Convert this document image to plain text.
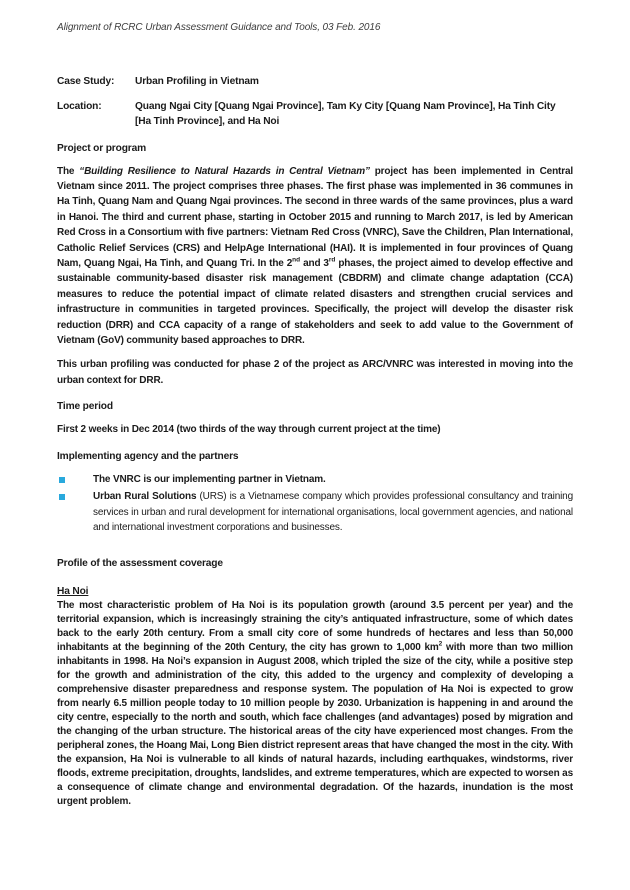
Alignment of RCRC Urban Assessment Guidance and Tools, 03 Feb. 2016
Case Study:	Urban Profiling in Vietnam
Location:	Quang Ngai City [Quang Ngai Province], Tam Ky City [Quang Nam Province], Ha Tinh City [Ha Tinh Province], and Ha Noi
Project or program

The “Building Resilience to Natural Hazards in Central Vietnam” project has been implemented in Central Vietnam since 2011. The project comprises three phases. The first phase was implemented in 36 communes in Ha Tinh, Quang Nam and Quang Ngai provinces. The second in three wards of the same provinces, plus a ward in Hanoi. The third and current phase, starting in October 2015 and running to March 2017, is led by American Red Cross in a Consortium with five partners: Vietnam Red Cross (VNRC), Save the Children, Plan International, Catholic Relief Services (CRS) and HelpAge International (HAI). It is implemented in four provinces of Quang Nam, Quang Ngai, Ha Tinh, and Quang Tri. In the 2nd and 3rd phases, the project aimed to develop effective and sustainable community-based disaster risk management (CBDRM) and climate change adaptation (CCA) measures to reduce the potential impact of climate related disasters and strengthen crucial services and infrastructure in communities in targeted provinces. Specifically, the project will develop the disaster risk reduction (DRR) and CCA capacity of a range of stakeholders and seek to add value to the Government of Vietnam (GoV) community based approaches to DRR.

This urban profiling was conducted for phase 2 of the project as ARC/VNRC was interested in moving into the urban context for DRR.

Time period

First 2 weeks in Dec 2014 (two thirds of the way through current project at the time)

Implementing agency and the partners
The VNRC is our implementing partner in Vietnam.
Urban Rural Solutions (URS) is a Vietnamese company which provides professional consultancy and training services in urban and rural development for international organisations, local government agencies, and national and international investment corporations and businesses.
Profile of the assessment coverage
Ha Noi

The most characteristic problem of Ha Noi is its population growth (around 3.5 percent per year) and the territorial expansion, which is increasingly straining the city’s antiquated infrastructure, some of which dates back to the early 20th century. From a small city core of some hundreds of hectares and less than 50,000 inhabitants at the beginning of the 20th Century, the city has grown to 1,000 $km^2$ with more than two million inhabitants in 1998. Ha Noi’s expansion in August 2008, which tripled the size of the city, while a positive step for the growth and administration of the city, this added to the urgency and complexity of developing a comprehensive disaster preparedness and response system. The population of Ha Noi is expected to grow from nearly 6.5 million people today to 10 million people by 2030. Urbanization is happening in and around the city centre, especially to the north and south, which face challenges (and advantages) posed by migration and the changing of the urban structure. The historical areas of the city have experienced most changes. From the peripheral zones, the Hoang Mai, Long Bien district represent areas that have changed the most in the city. With the expansion, Ha Noi is vulnerable to all kinds of natural hazards, including earthquakes, windstorms, river floods, extreme precipitation, droughts, landslides, and extreme temperatures, which are expected to worsen as a consequence of climate change and environmental degradation. Of the hazards, inundation is the most urgent problem.
